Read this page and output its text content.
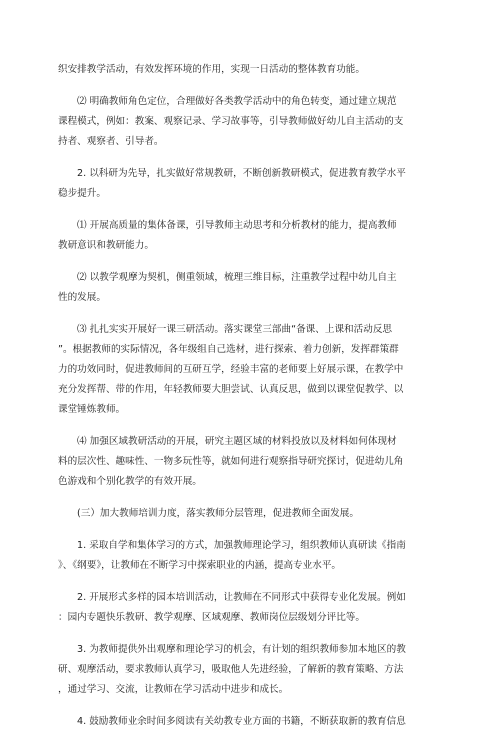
织安排教学活动，有效发挥环境的作用，实现一日活动的整体教育功能。
⑵ 明确教师角色定位，合理做好各类教学活动中的角色转变，通过建立规范
课程模式，例如：教案、观察记录、学习故事等，引导教师做好幼儿自主活动的支
持者、观察者、引导者。
2. 以科研为先导，扎实做好常规教研，不断创新教研模式，促进教育教学水平
稳步提升。
⑴ 开展高质量的集体备课，引导教师主动思考和分析教材的能力，提高教师
教研意识和教研能力。
⑵ 以教学观摩为契机，侧重领域，梳理三维目标，注重教学过程中幼儿自主
性的发展。
⑶ 扎扎实实开展好一课三研活动。落实课堂三部曲“备课、上课和活动反思
”。根据教师的实际情况，各年级组自己选材，进行探索、着力创新，发挥群策群
力的功效同时，促进教师间的互研互学，经验丰富的老师要上好展示课，在教学中
充分发挥帮、带的作用，年轻教师要大胆尝试、认真反思，做到以课堂促教学、以
课堂锤炼教师。
⑷ 加强区域教研活动的开展，研究主题区域的材料投放以及材料如何体现材
料的层次性、趣味性、一物多玩性等，就如何进行观察指导研究探讨，促进幼儿角
色游戏和个别化教学的有效开展。
(三）加大教师培训力度，落实教师分层管理，促进教师全面发展。
1. 采取自学和集体学习的方式，加强教师理论学习，组织教师认真研读《指南
》、《纲要》，让教师在不断学习中探索职业的内涵，提高专业水平。
2. 开展形式多样的园本培训活动，让教师在不同形式中获得专业化发展。例如
：园内专题快乐教研、教学观摩、区域观摩、教师岗位层级划分评比等。
3. 为教师提供外出观摩和理论学习的机会，有计划的组织教师参加本地区的教
研、观摩活动，要求教师认真学习，吸取他人先进经验，了解新的教育策略、方法
，通过学习、交流，让教师在学习活动中进步和成长。
4. 鼓励教师业余时间多阅读有关幼教专业方面的书籍，不断获取新的教育信息
